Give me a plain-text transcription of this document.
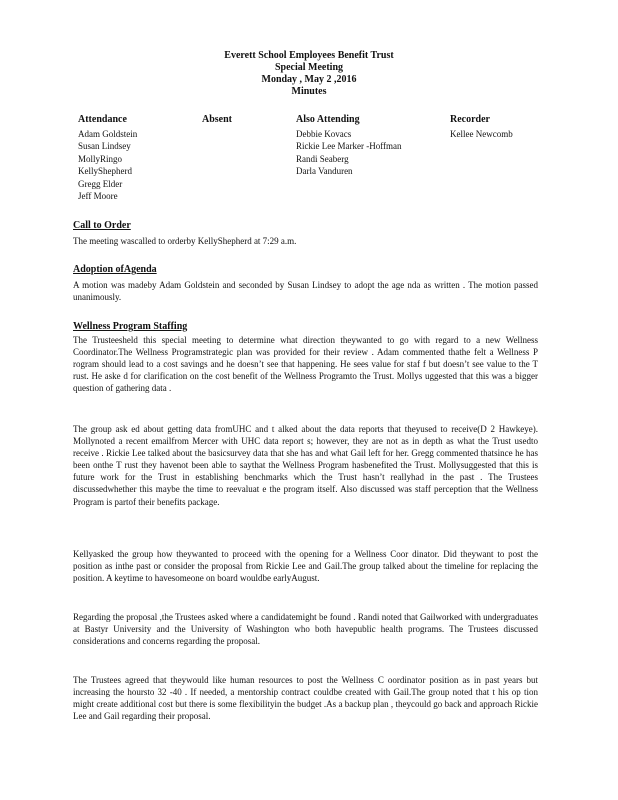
Everett School Employees Benefit Trust
Special Meeting
Monday , May 2 ,2016
Minutes
Attendance
Adam Goldstein
Susan Lindsey
MollyRingo
KellyShepherd
Gregg Elder
Jeff Moore
Absent	Also Attending
Debbie Kovacs
Rickie Lee Marker -Hoffman
Randi Seaberg
Darla Vanduren
Recorder
Kellee Newcomb
Call to Order
The meeting wascalled to orderby KellyShepherd at 7:29 a.m.
Adoption ofAgenda
A motion was madeby Adam Goldstein and seconded by Susan Lindsey to adopt the age nda as written . The motion passed unanimously.
Wellness Program Staffing
The Trusteesheld this special meeting to determine what direction theywanted to go with regard to a new Wellness Coordinator.The Wellness Programstrategic plan was provided for their review . Adam commented thathe felt a Wellness P rogram should lead to a cost savings and he doesn’t see that happening. He sees value for staf f but doesn’t see value to the T rust. He aske d for clarification on the cost benefit of the Wellness Programto the Trust. Mollys uggested that this was a bigger question of gathering data .
The group ask ed about getting data fromUHC and t alked about the data reports that theyused to receive(D 2 Hawkeye). Mollynoted a recent emailfrom Mercer with UHC data report s; however, they are not as in depth as what the Trust usedto receive . Rickie Lee talked about the basicsurvey data that she has and what Gail left for her. Gregg commented thatsince he has been onthe T rust they havenot been able to saythat the Wellness Program hasbenefited the Trust. Mollysuggested that this is future work for the Trust in establishing benchmarks which the Trust hasn’t reallyhad in the past . The Trustees discussedwhether this maybe the time to reevaluat e the program itself. Also discussed was staff perception that the Wellness Program is partof their benefits package.
Kellyasked the group how theywanted to proceed with the opening for a Wellness Coor dinator. Did theywant to post the position as inthe past or consider the proposal from Rickie Lee and Gail.The group talked about the timeline for replacing the position. A keytime to havesomeone on board wouldbe earlyAugust.
Regarding the proposal ,the Trustees asked where a candidatemight be found . Randi noted that Gailworked with undergraduates at Bastyr University and the University of Washington who both havepublic health programs. The Trustees discussed considerations and concerns regarding the proposal.
The Trustees agreed that theywould like human resources to post the Wellness C oordinator position as in past years but increasing the hoursto 32 -40 . If needed, a mentorship contract couldbe created with Gail.The group noted that t his op tion might create additional cost but there is some flexibilityin the budget .As a backup plan , theycould go back and approach Rickie Lee and Gail regarding their proposal.
